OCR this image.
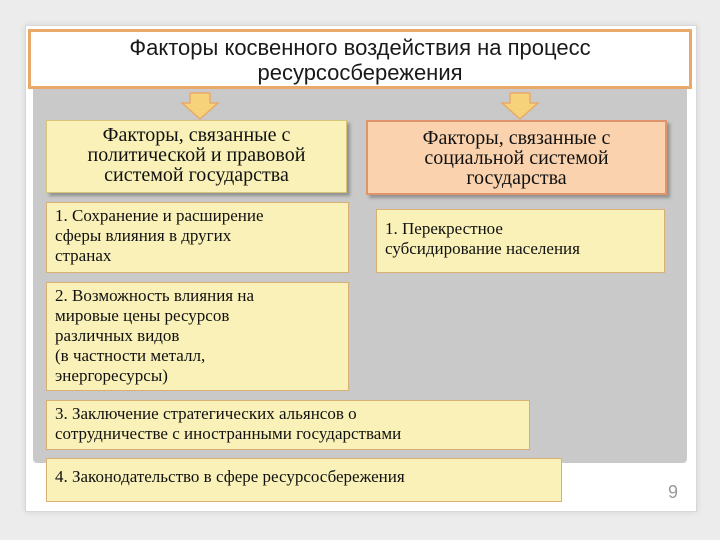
Факторы косвенного воздействия на процесс
ресурсосбережения
Факторы, связанные с
политической и правовой
системой государства
Факторы, связанные с
социальной системой
государства
1. Сохранение и расширение
сферы влияния в других
странах
1. Перекрестное
субсидирование населения
2. Возможность влияния на
мировые цены ресурсов
различных видов
(в частности металл,
энергоресурсы)
3. Заключение стратегических альянсов о
сотрудничестве с иностранными государствами
4. Законодательство в сфере ресурсосбережения
9
